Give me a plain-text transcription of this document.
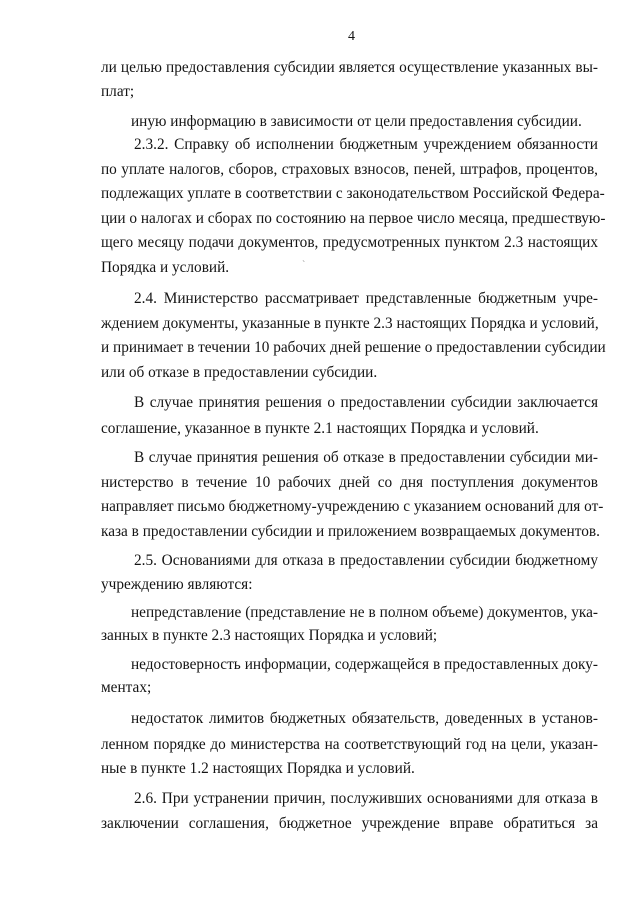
4
ли целью предоставления субсидии является осуществление указанных вы-
плат;
иную информацию в зависимости от цели предоставления субсидии.
2.3.2. Справку об исполнении бюджетным учреждением обязанности
по уплате налогов, сборов, страховых взносов, пеней, штрафов, процентов,
подлежащих уплате в соответствии с законодательством Российской Федера-
ции о налогах и сборах по состоянию на первое число месяца, предшествую-
щего месяцу подачи документов, предусмотренных пунктом 2.3 настоящих
Порядка и условий.	ˋ
2.4. Министерство рассматривает представленные бюджетным учре-
ждением документы, указанные в пункте 2.3 настоящих Порядка и условий,
и принимает в течении 10 рабочих дней решение о предоставлении субсидии
или об отказе в предоставлении субсидии.
В случае принятия решения о предоставлении субсидии заключается
соглашение, указанное в пункте 2.1 настоящих Порядка и условий.
В случае принятия решения об отказе в предоставлении субсидии ми-
нистерство в течение 10 рабочих дней со дня поступления документов
направляет письмо бюджетному-учреждению с указанием оснований для от-
каза в предоставлении субсидии и приложением возвращаемых документов.
2.5. Основаниями для отказа в предоставлении субсидии бюджетному
учреждению являются:
непредставление (представление не в полном объеме) документов, ука-
занных в пункте 2.3 настоящих Порядка и условий;
недостоверность информации, содержащейся в предоставленных доку-
ментах;
недостаток лимитов бюджетных обязательств, доведенных в установ-
ленном порядке до министерства на соответствующий год на цели, указан-
ные в пункте 1.2 настоящих Порядка и условий.
2.6. При устранении причин, послуживших основаниями для отказа в
заключении соглашения, бюджетное учреждение вправе обратиться за
